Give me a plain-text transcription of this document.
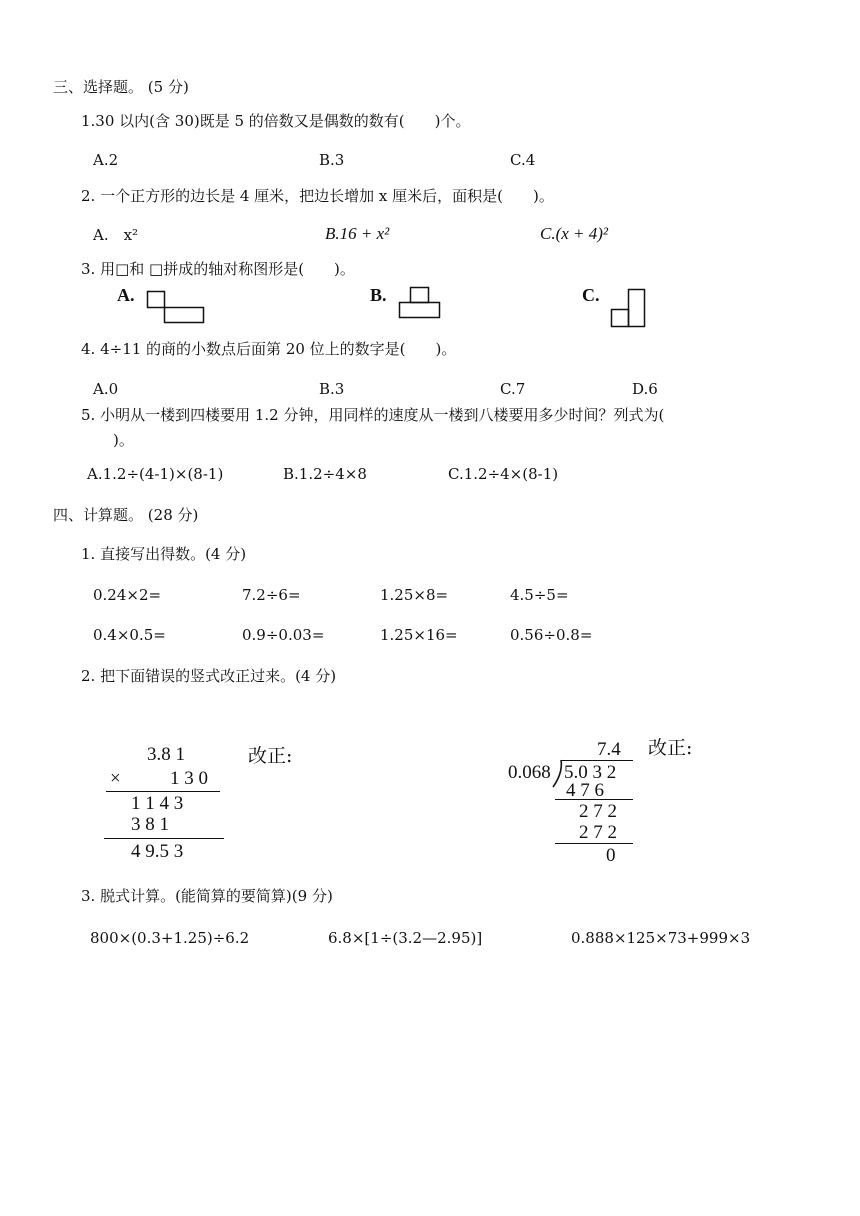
三、选择题。 (5 分)
1.30 以内(含 30)既是 5 的倍数又是偶数的数有(　　)个。
A.2	B.3	C.4
2. 一个正方形的边长是 4 厘米，把边长增加 x 厘米后，面积是(　　)。
A.　x²	B.16 + x²	C.(x + 4)²
3. 用□和 □拼成的轴对称图形是(　　)。
A.	B.	C.
4. 4÷11 的商的小数点后面第 20 位上的数字是(　　)。
A.0	B.3	C.7	D.6
5. 小明从一楼到四楼要用 1.2 分钟，用同样的速度从一楼到八楼要用多少时间？列式为(
)。
A.1.2÷(4-1)×(8-1)	B.1.2÷4×8	C.1.2÷4×(8-1)
四、计算题。 (28 分)
1. 直接写出得数。(4 分)
0.24×2=	7.2÷6=	1.25×8=	4.5÷5=
0.4×0.5=	0.9÷0.03=	1.25×16=	0.56÷0.8=
2. 把下面错误的竖式改正过来。(4 分)
3.8 1
×	1 3 0
1 1 4 3
3 8 1
4 9.5 3
改正:	7.4 改正:
0.068 5.0 3 2
4 7 6
2 7 2
2 7 2
0
3. 脱式计算。(能简算的要简算)(9 分)
800×(0.3+1.25)÷6.2	6.8×[1÷(3.2—2.95)]	0.888×125×73+999×3
